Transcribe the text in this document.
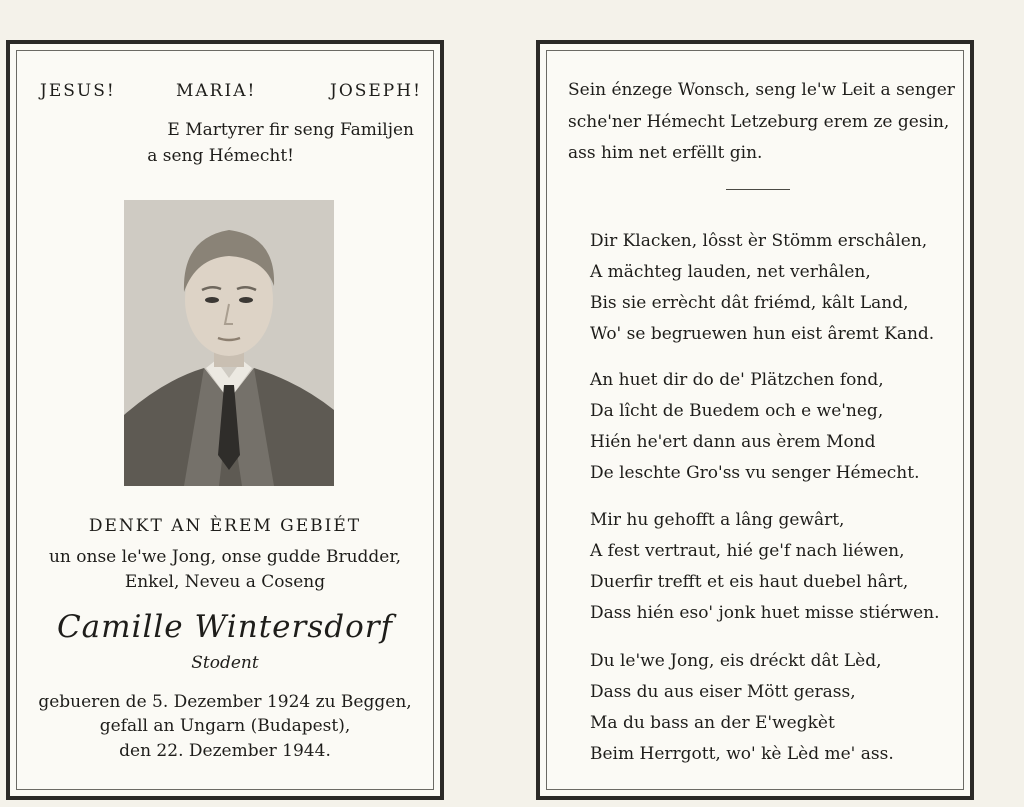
JESUS!	MARIA!	JOSEPH!
E Martyrer fir seng Familjen
a seng Hémecht!
DENKT AN ÈREM GEBIÉT
un onse le'we Jong, onse gudde Brudder,
Enkel, Neveu a Coseng
Camille Wintersdorf
Stodent
gebueren de 5. Dezember 1924 zu Beggen,
gefall an Ungarn (Budapest),
den 22. Dezember 1944.
Sein énzege Wonsch, seng le'w Leit a senger
sche'ner Hémecht Letzeburg erem ze gesin,
ass him net erfëllt gin.
Dir Klacken, lôsst èr Stömm erschâlen,
A mächteg lauden, net verhâlen,
Bis sie errècht dât friémd, kâlt Land,
Wo' se begruewen hun eist âremt Kand.
An huet dir do de' Plätzchen fond,
Da lîcht de Buedem och e we'neg,
Hién he'ert dann aus èrem Mond
De leschte Gro'ss vu senger Hémecht.
Mir hu gehofft a lâng gewârt,
A fest vertraut, hié ge'f nach liéwen,
Duerfir trefft et eis haut duebel hârt,
Dass hién eso' jonk huet misse stiérwen.
Du le'we Jong, eis dréckt dât Lèd,
Dass du aus eiser Mött gerass,
Ma du bass an der E'wegkèt
Beim Herrgott, wo' kè Lèd me' ass.
